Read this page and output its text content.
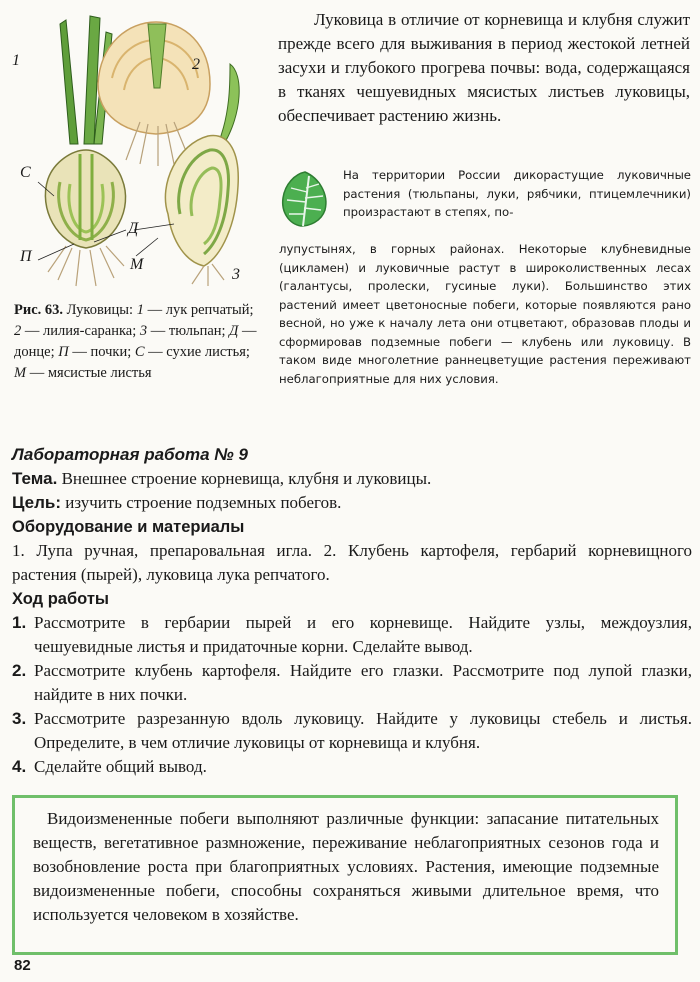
1	2
3
С
Д
П	М
Рис. 63. Луковицы: 1 — лук репчатый; 2 — лилия-саранка; 3 — тюльпан; Д — донце; П — почки; С — сухие листья; М — мясистые листья

Луковица в отличие от корневища и клубня служит прежде всего для выживания в период жестокой летней засухи и глубокого прогрева почвы: вода, содержащаяся в тканях чешуевидных мясистых листьев луковицы, обеспечивает растению жизнь.

На территории России дикорастущие луковичные растения (тюльпаны, луки, рябчики, птицемлечники) произрастают в степях, по-
лупустынях, в горных районах. Некоторые клубневидные (цикламен) и луковичные растут в широколиственных лесах (галантусы, пролески, гусиные луки). Большинство этих растений имеет цветоносные побеги, которые появляются рано весной, но уже к началу лета они отцветают, образовав плоды и сформировав подземные побеги — клубень или луковицу. В таком виде многолетние раннецветущие растения переживают неблагоприятные для них условия.
Лабораторная работа № 9
Тема. Внешнее строение корневища, клубня и луковицы.
Цель: изучить строение подземных побегов.
Оборудование и материалы
1. Лупа ручная, препаровальная игла. 2. Клубень картофеля, гербарий корневищного растения (пырей), луковица лука репчатого.
Ход работы
1. Рассмотрите в гербарии пырей и его корневище. Найдите узлы, междоузлия, чешуевидные листья и придаточные корни. Сделайте вывод.
2. Рассмотрите клубень картофеля. Найдите его глазки. Рассмотрите под лупой глазки, найдите в них почки.
3. Рассмотрите разрезанную вдоль луковицу. Найдите у луковицы стебель и листья. Определите, в чем отличие луковицы от корневища и клубня.
4. Сделайте общий вывод.

Видоизмененные побеги выполняют различные функции: запасание питательных веществ, вегетативное размножение, переживание неблагоприятных сезонов года и возобновление роста при благоприятных условиях. Растения, имеющие подземные видоизмененные побеги, способны сохраняться живыми длительное время, что используется человеком в хозяйстве.

82
